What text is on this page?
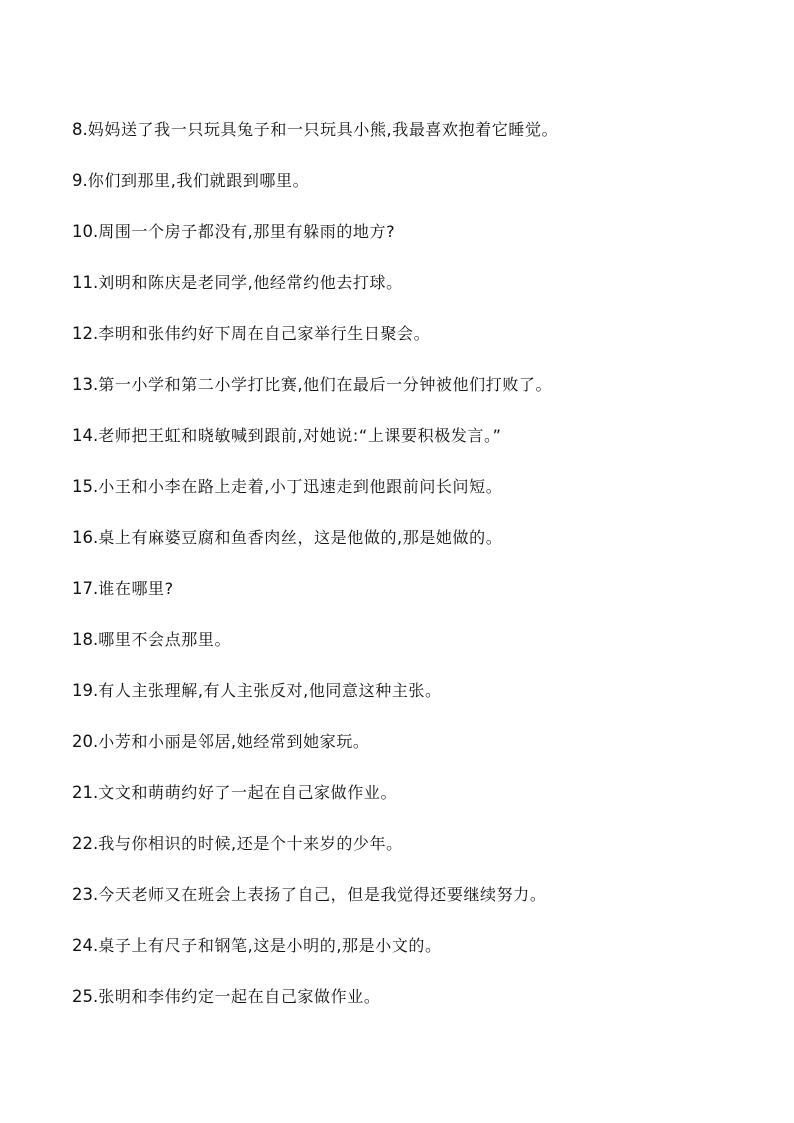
8.妈妈送了我一只玩具兔子和一只玩具小熊,我最喜欢抱着它睡觉。
9.你们到那里,我们就跟到哪里。
10.周围一个房子都没有,那里有躲雨的地方?
11.刘明和陈庆是老同学,他经常约他去打球。
12.李明和张伟约好下周在自己家举行生日聚会。
13.第一小学和第二小学打比赛,他们在最后一分钟被他们打败了。
14.老师把王虹和晓敏喊到跟前,对她说:“上课要积极发言。”
15.小王和小李在路上走着,小丁迅速走到他跟前问长问短。
16.桌上有麻婆豆腐和鱼香肉丝，这是他做的,那是她做的。
17.谁在哪里?
18.哪里不会点那里。
19.有人主张理解,有人主张反对,他同意这种主张。
20.小芳和小丽是邻居,她经常到她家玩。
21.文文和萌萌约好了一起在自己家做作业。
22.我与你相识的时候,还是个十来岁的少年。
23.今天老师又在班会上表扬了自己，但是我觉得还要继续努力。
24.桌子上有尺子和钢笔,这是小明的,那是小文的。
25.张明和李伟约定一起在自己家做作业。
